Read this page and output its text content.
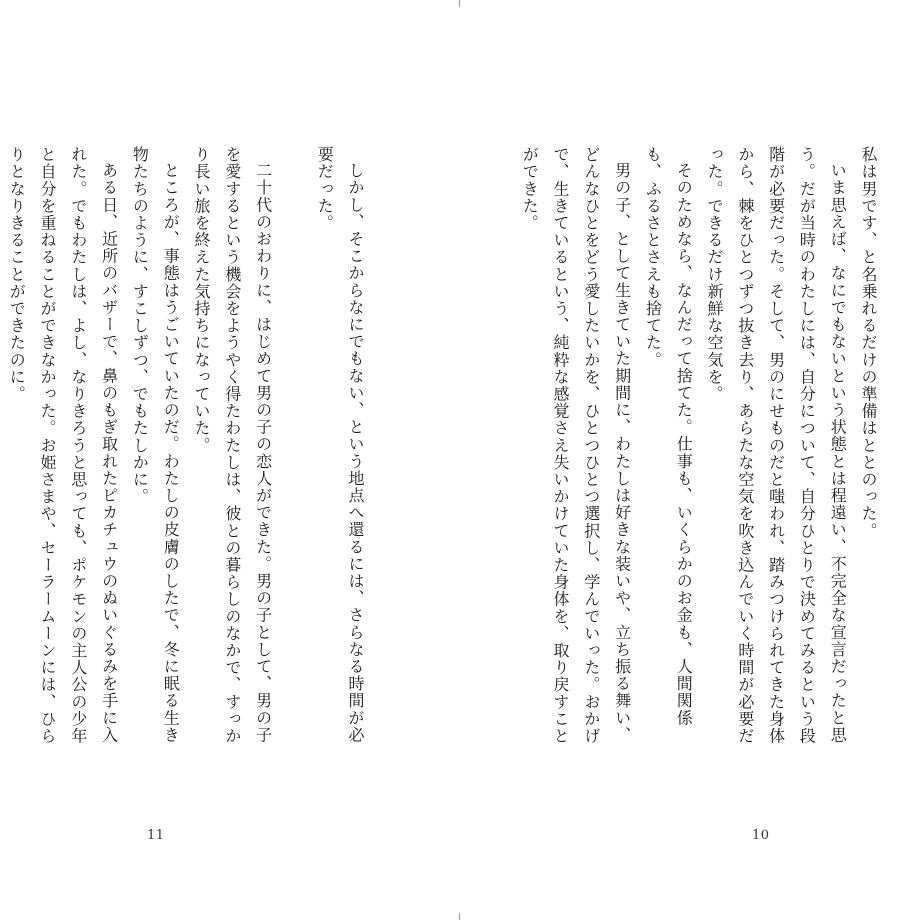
私は男です、と名乗れるだけの準備はととのった。

いま思えば、なにでもないという状態とは程遠い、不完全な宣言だったと思う。だが当時のわたしには、自分について、自分ひとりで決めてみるという段階が必要だった。そして、男のにせものだと嗤われ、踏みつけられてきた身体から、棘をひとつずつ抜き去り、あらたな空気を吹き込んでいく時間が必要だった。できるだけ新鮮な空気を。

そのためなら、なんだって捨てた。仕事も、いくらかのお金も、人間関係も、ふるさとさえも捨てた。

男の子、として生きていた期間に、わたしは好きな装いや、立ち振る舞い、どんなひとをどう愛したいかを、ひとつひとつ選択し、学んでいった。おかげで、生きているという、純粋な感覚さえ失いかけていた身体を、取り戻すことができた。

10

しかし、そこからなにでもない、という地点へ還るには、さらなる時間が必要だった。

二十代のおわりに、はじめて男の子の恋人ができた。男の子として、男の子を愛するという機会をようやく得たわたしは、彼との暮らしのなかで、すっかり長い旅を終えた気持ちになっていた。

ところが、事態はうごいていたのだ。わたしの皮膚のしたで、冬に眠る生き物たちのように、すこしずつ、でもたしかに。

ある日、近所のバザーで、鼻のもぎ取れたピカチュウのぬいぐるみを手に入れた。でもわたしは、よし、なりきろうと思っても、ポケモンの主人公の少年と自分を重ねることができなかった。お姫さまや、セーラームーンには、ひらりとなりきることができたのに。

11
